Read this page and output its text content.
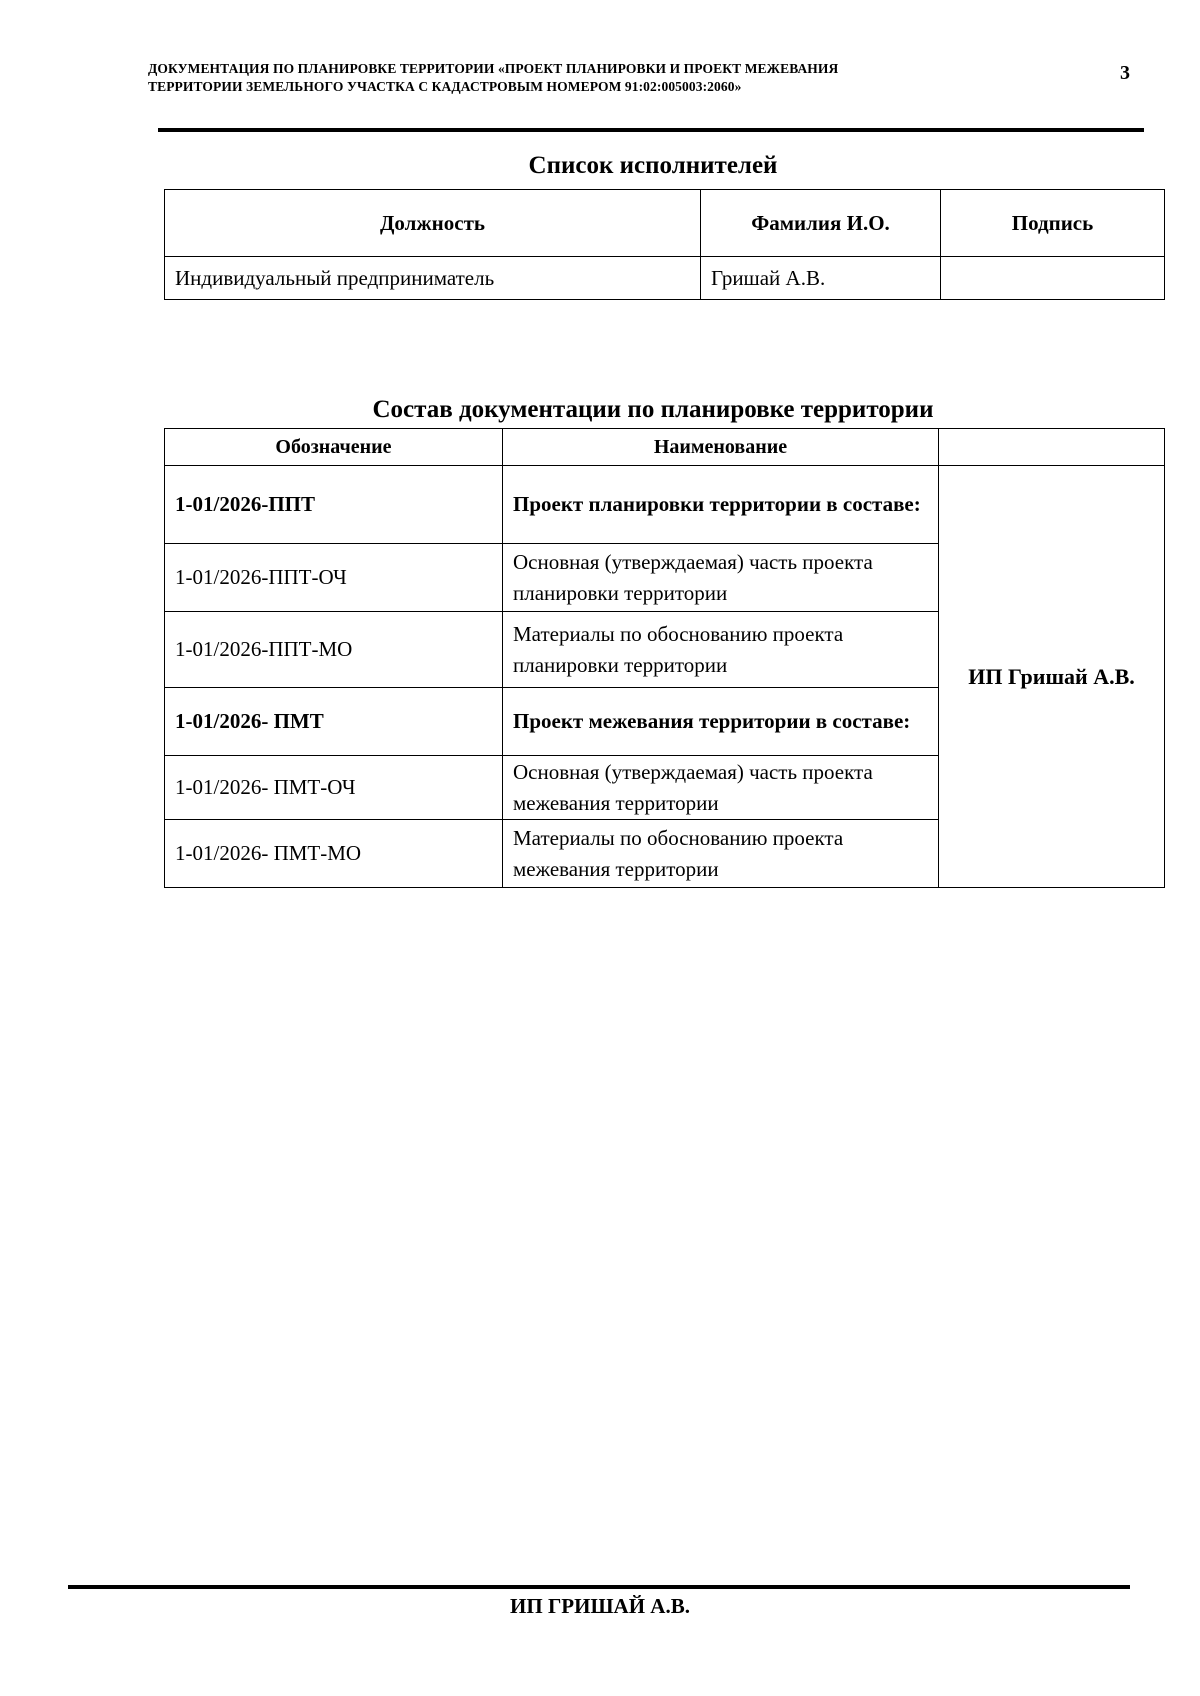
ДОКУМЕНТАЦИЯ ПО ПЛАНИРОВКЕ ТЕРРИТОРИИ «ПРОЕКТ ПЛАНИРОВКИ И ПРОЕКТ МЕЖЕВАНИЯ
ТЕРРИТОРИИ ЗЕМЕЛЬНОГО УЧАСТКА С КАДАСТРОВЫМ НОМЕРОМ 91:02:005003:2060»
3
Список исполнителей
Должность	Фамилия И.О.	Подпись
Индивидуальный предприниматель	Гришай А.В.	
Состав документации по планировке территории
Обозначение	Наименование	
1-01/2026-ППТ	Проект планировки территории в составе:	ИП Гришай А.В.
1-01/2026-ППТ-ОЧ	Основная (утверждаемая) часть проекта планировки территории	
1-01/2026-ППТ-МО	Материалы по обоснованию проекта планировки территории	
1-01/2026- ПМТ	Проект межевания территории в составе:	
1-01/2026- ПМТ-ОЧ	Основная (утверждаемая) часть проекта межевания территории	
1-01/2026- ПМТ-МО	Материалы по обоснованию проекта межевания территории	
ИП ГРИШАЙ А.В.
